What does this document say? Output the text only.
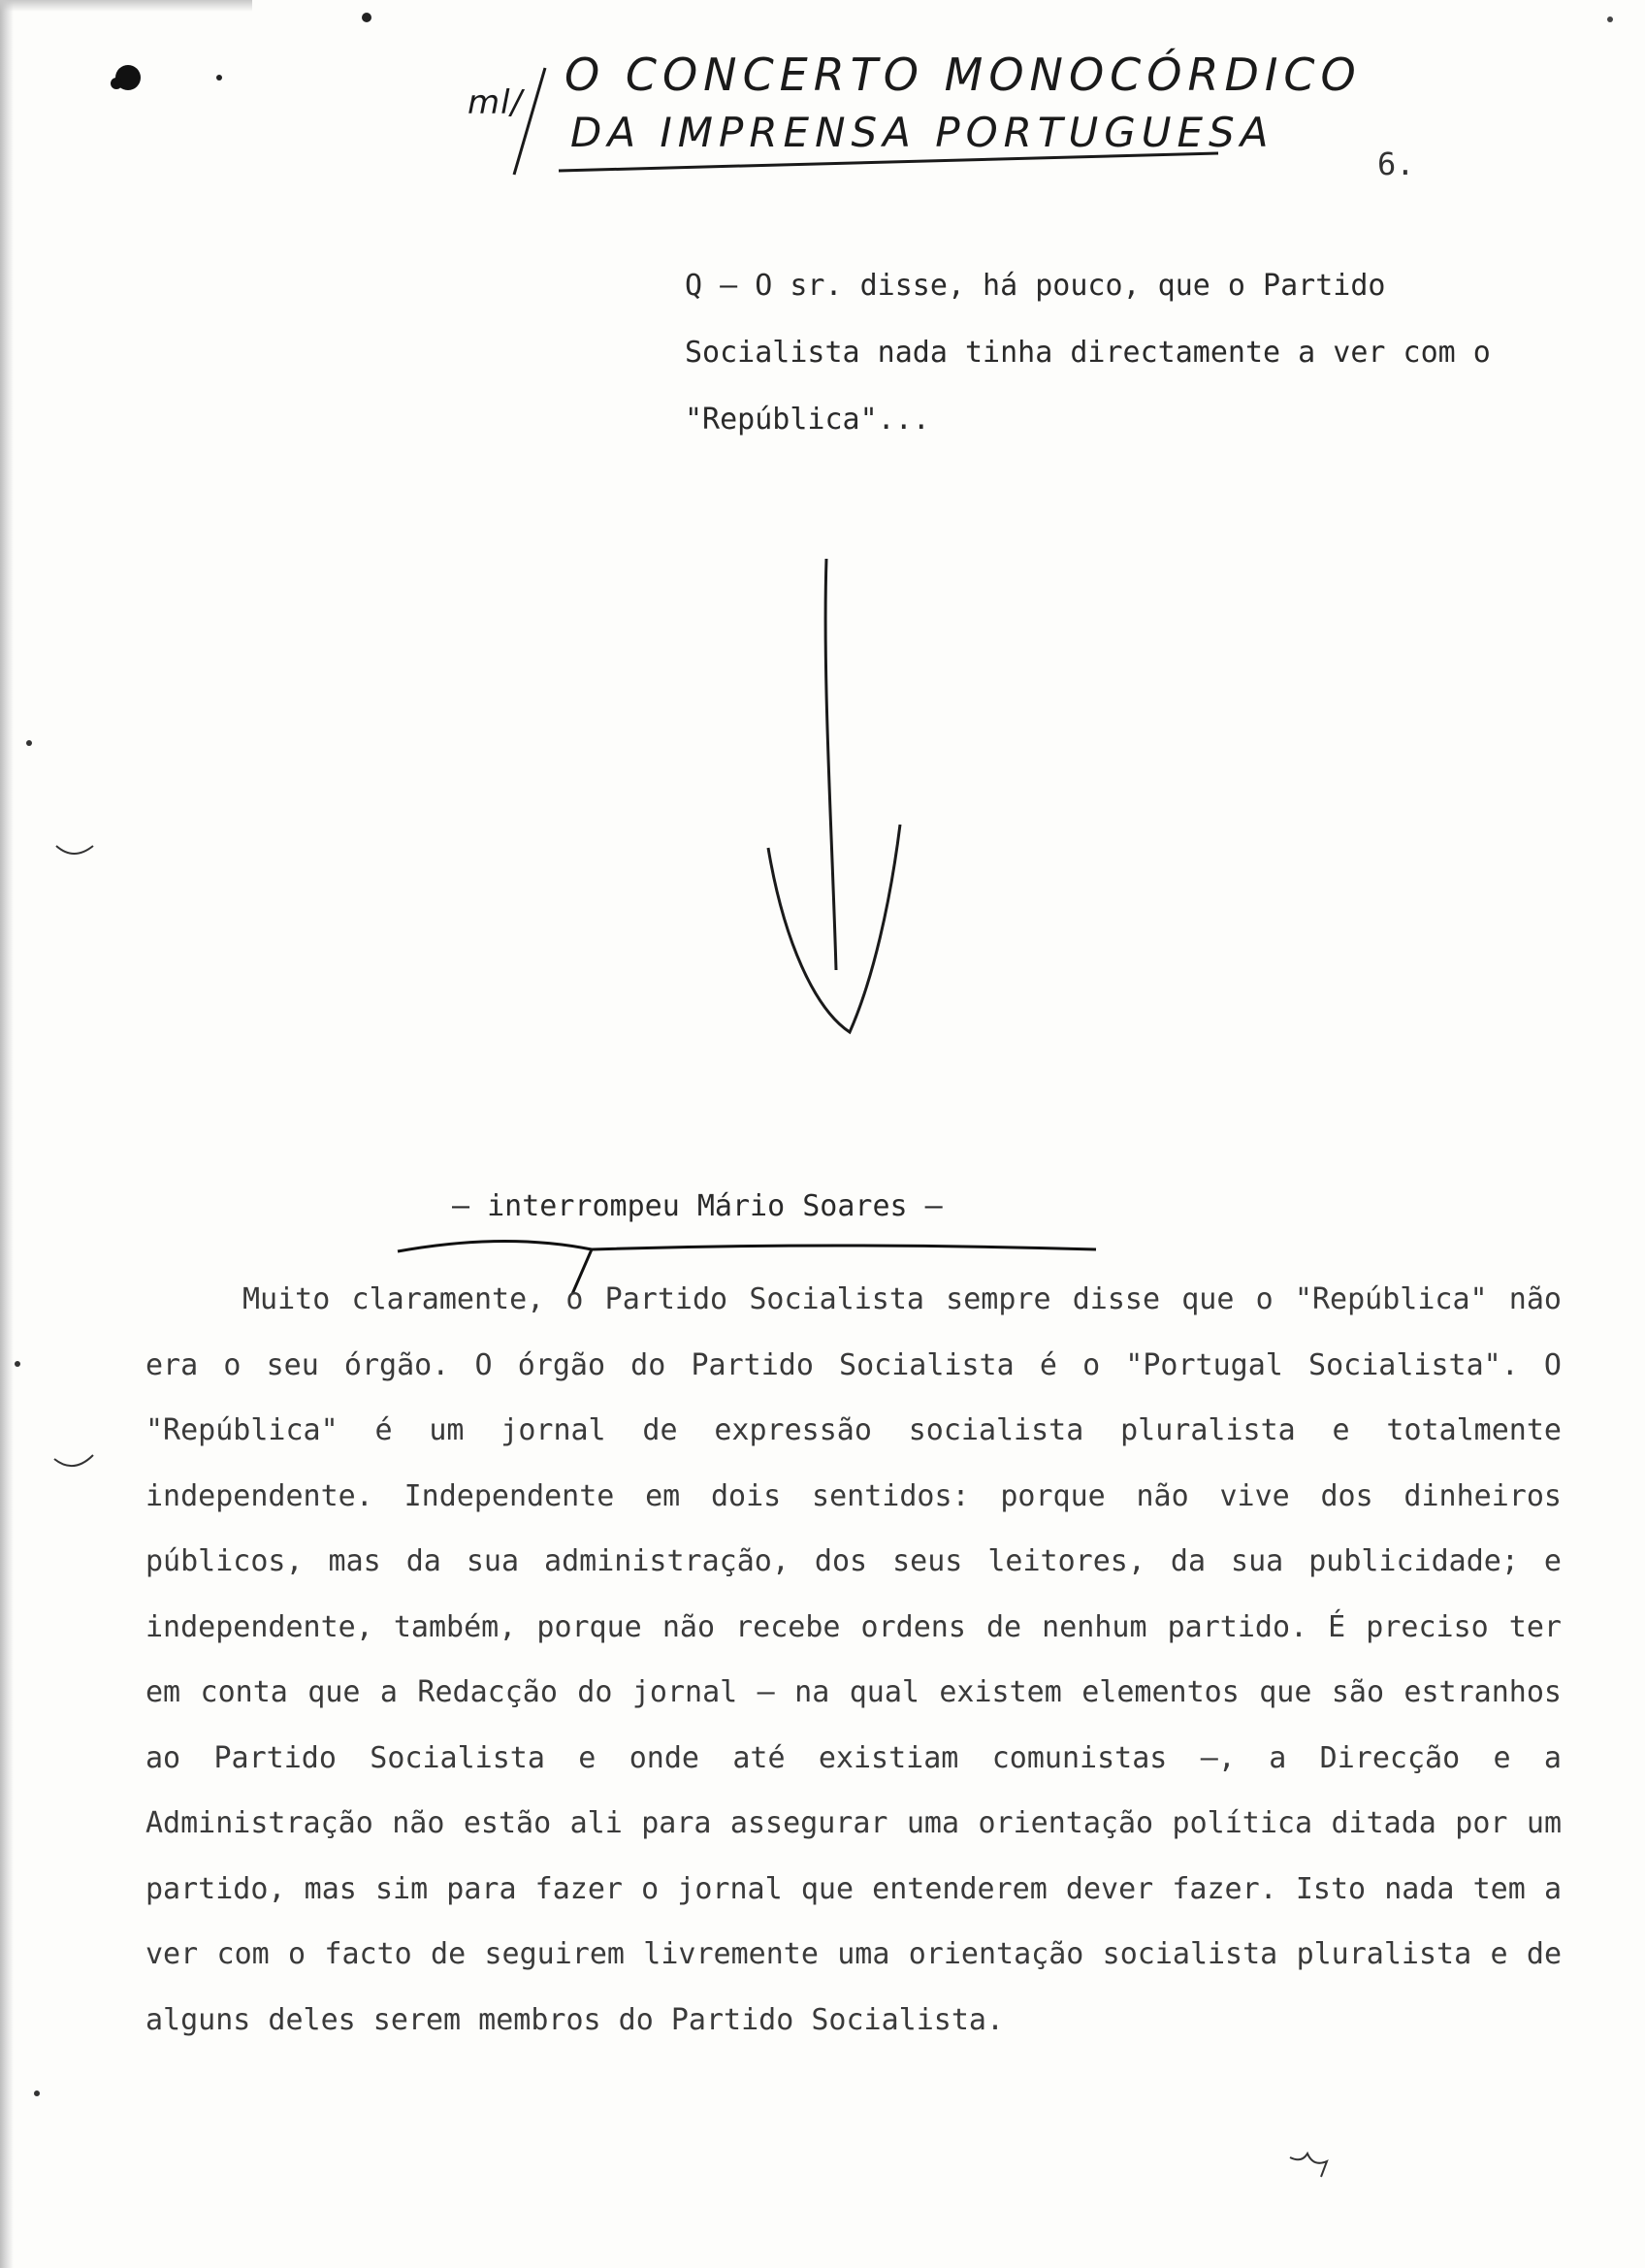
ml/
O CONCERTO MONOCÓRDICO
DA IMPRENSA PORTUGUESA
6.
Q – O sr. disse, há pouco, que o Partido Socialista nada tinha directamente a ver com o "República"...
— interrompeu Mário Soares —
Muito claramente, o Partido Socialista sempre disse que o "República" não era o seu órgão. O órgão do Partido Socialista é o "Portugal Socialista". O "República" é um jornal de expressão socialista pluralista e totalmente independente. Independente em dois sentidos: porque não vive dos dinheiros públicos, mas da sua administração, dos seus leitores, da sua publicidade; e independente, também, porque não recebe ordens de nenhum partido. É preciso ter em conta que a Redacção do jornal — na qual existem elementos que são estranhos ao Partido Socialista e onde até existiam comunistas —, a Direcção e a Administração não estão ali para assegurar uma orientação política ditada por um partido, mas sim para fazer o jornal que entenderem dever fazer. Isto nada tem a ver com o facto de seguirem livremente uma orientação socialista pluralista e de alguns deles serem membros do Partido Socialista.
